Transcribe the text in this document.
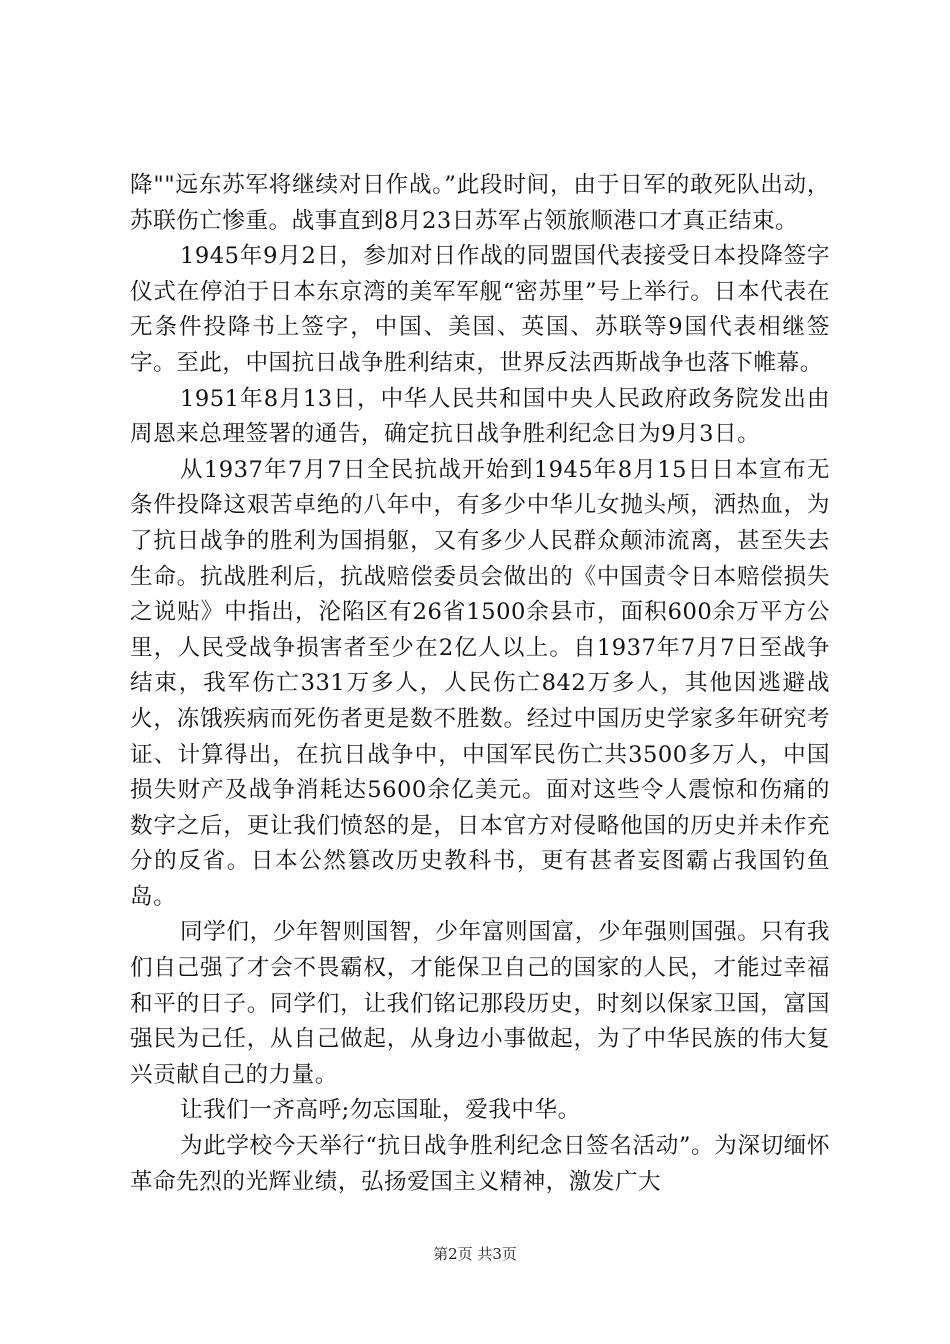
降""远东苏军将继续对日作战。”此段时间，由于日军的敢死队出动，苏联伤亡惨重。战事直到8月23日苏军占领旅顺港口才真正结束。

1945年9月2日，参加对日作战的同盟国代表接受日本投降签字仪式在停泊于日本东京湾的美军军舰“密苏里”号上举行。日本代表在无条件投降书上签字，中国、美国、英国、苏联等9国代表相继签字。至此，中国抗日战争胜利结束，世界反法西斯战争也落下帷幕。

1951年8月13日，中华人民共和国中央人民政府政务院发出由周恩来总理签署的通告，确定抗日战争胜利纪念日为9月3日。

从1937年7月7日全民抗战开始到1945年8月15日日本宣布无条件投降这艰苦卓绝的八年中，有多少中华儿女抛头颅，洒热血，为了抗日战争的胜利为国捐躯，又有多少人民群众颠沛流离，甚至失去生命。抗战胜利后，抗战赔偿委员会做出的《中国责令日本赔偿损失之说贴》中指出，沦陷区有26省1500余县市，面积600余万平方公里，人民受战争损害者至少在2亿人以上。自1937年7月7日至战争结束，我军伤亡331万多人，人民伤亡842万多人，其他因逃避战火，冻饿疾病而死伤者更是数不胜数。经过中国历史学家多年研究考证、计算得出，在抗日战争中，中国军民伤亡共3500多万人，中国损失财产及战争消耗达5600余亿美元。面对这些令人震惊和伤痛的数字之后，更让我们愤怒的是，日本官方对侵略他国的历史并未作充分的反省。日本公然篡改历史教科书，更有甚者妄图霸占我国钓鱼岛。

同学们，少年智则国智，少年富则国富，少年强则国强。只有我们自己强了才会不畏霸权，才能保卫自己的国家的人民，才能过幸福和平的日子。同学们，让我们铭记那段历史，时刻以保家卫国，富国强民为己任，从自己做起，从身边小事做起，为了中华民族的伟大复兴贡献自己的力量。

让我们一齐高呼;勿忘国耻，爱我中华。

为此学校今天举行“抗日战争胜利纪念日签名活动”。为深切缅怀革命先烈的光辉业绩，弘扬爱国主义精神，激发广大

第2页 共3页
